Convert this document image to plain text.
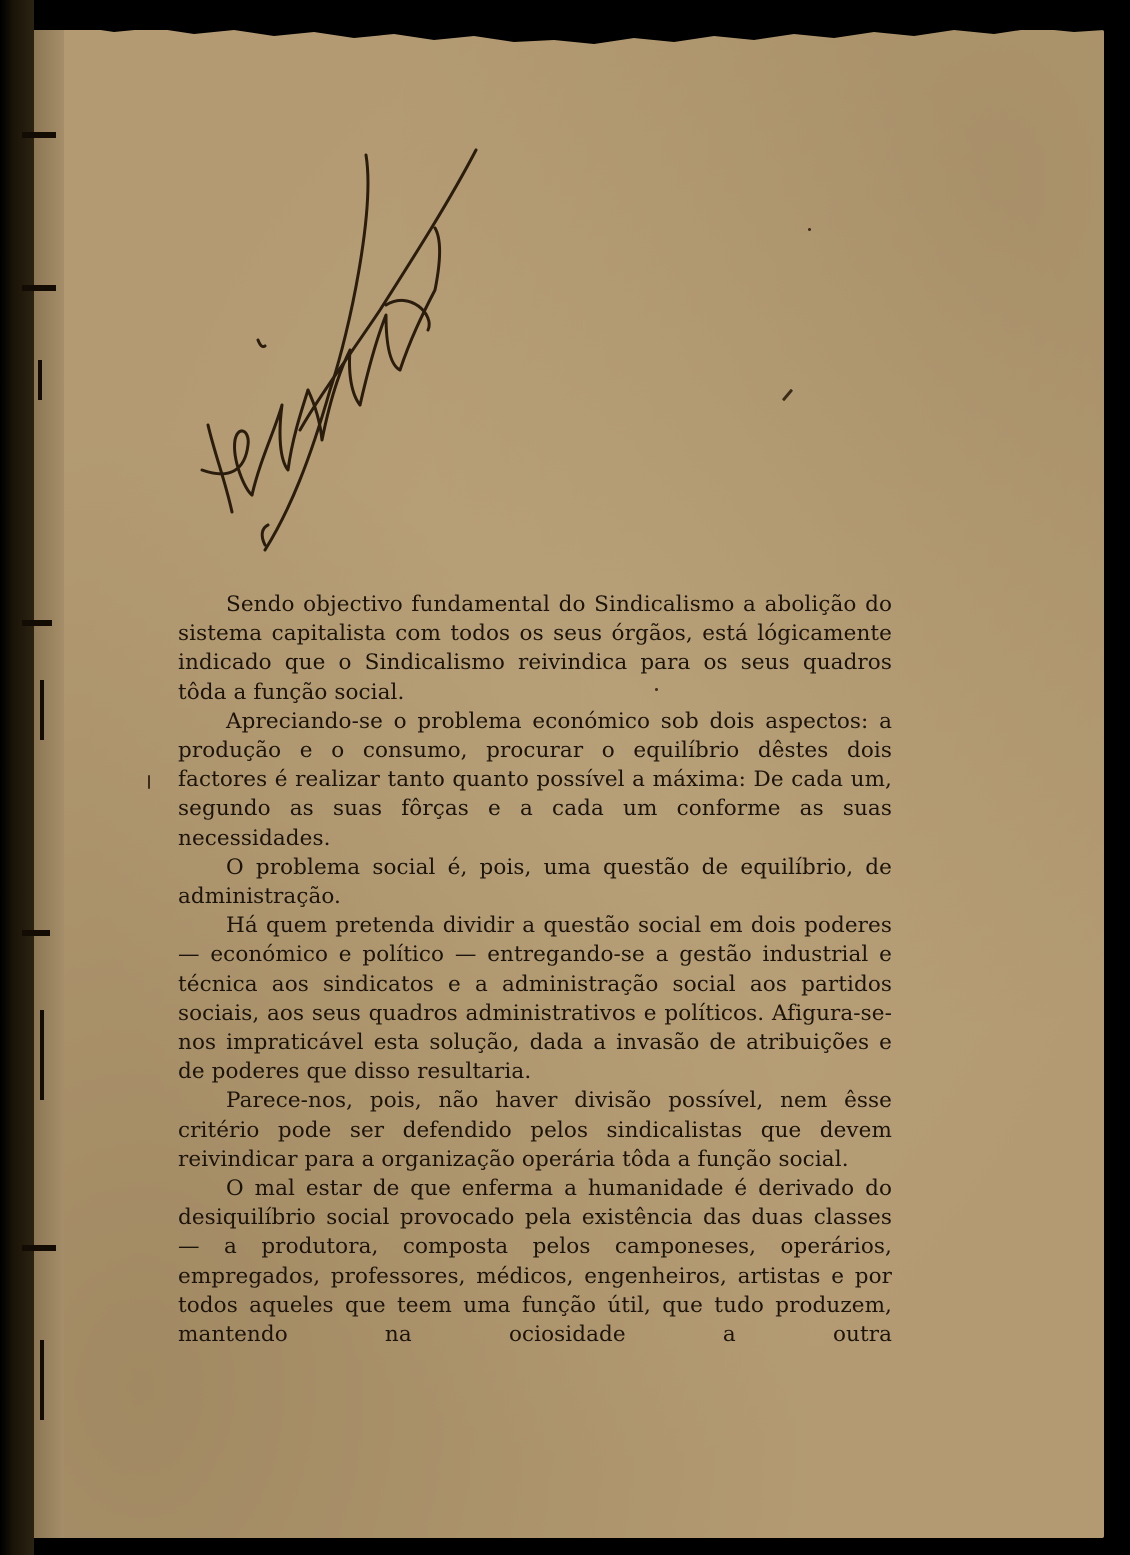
Sendo objectivo fundamental do Sindicalismo a abolição do sistema capitalista com todos os seus órgãos, está lógicamente indicado que o Sindicalismo reivindica para os seus quadros tôda a função social.

Apreciando-se o problema económico sob dois aspectos: a produção e o consumo, procurar o equilíbrio dêstes dois factores é realizar tanto quanto possível a máxima: De cada um, segundo as suas fôrças e a cada um conforme as suas necessidades.

O problema social é, pois, uma questão de equilíbrio, de administração.

Há quem pretenda dividir a questão social em dois poderes — económico e político — entregando-se a gestão industrial e técnica aos sindicatos e a administração social aos partidos sociais, aos seus quadros administrativos e políticos. Afigura-se-nos impraticável esta solução, dada a invasão de atribuições e de poderes que disso resultaria.

Parece-nos, pois, não haver divisão possível, nem êsse critério pode ser defendido pelos sindicalistas que devem reivindicar para a organização operária tôda a função social.

O mal estar de que enferma a humanidade é derivado do desiquilíbrio social provocado pela existência das duas classes — a produtora, composta pelos camponeses, operários, empregados, professores, médicos, engenheiros, artistas e por todos aqueles que teem uma função útil, que tudo produzem, mantendo na ociosidade a outra
